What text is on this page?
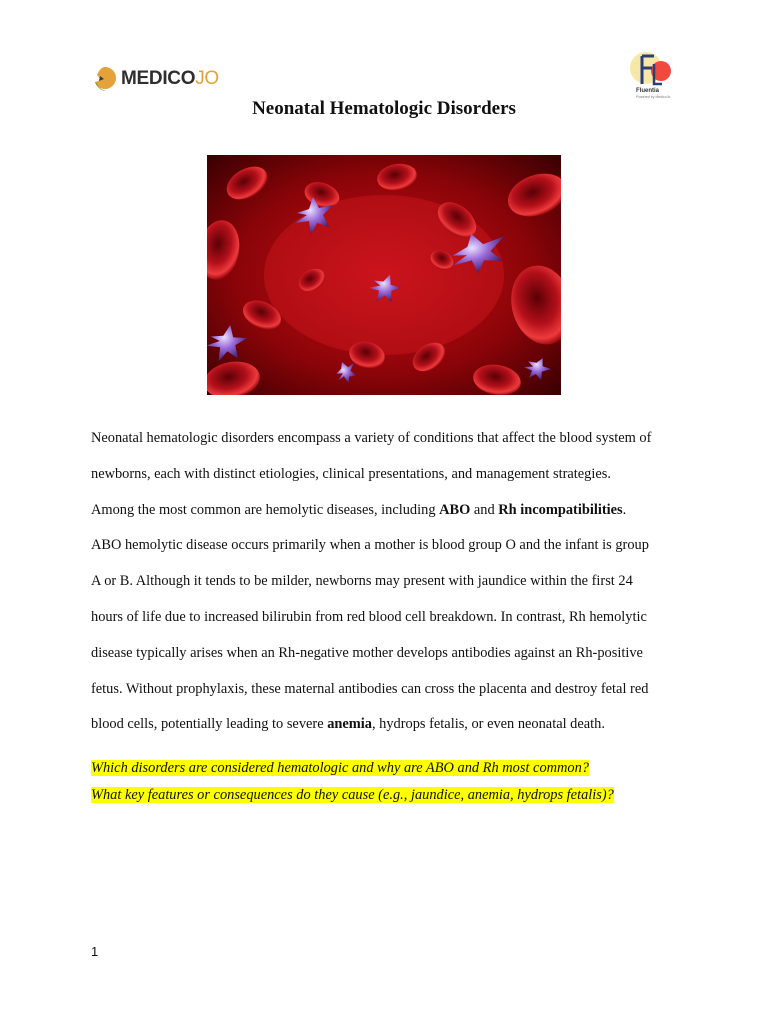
MEDICOJO
Fluentia
Powered by MedicoJo
Neonatal Hematologic Disorders
Neonatal hematologic disorders encompass a variety of conditions that affect the blood system of
newborns, each with distinct etiologies, clinical presentations, and management strategies.
Among the most common are hemolytic diseases, including ABO and Rh incompatibilities.
ABO hemolytic disease occurs primarily when a mother is blood group O and the infant is group
A or B. Although it tends to be milder, newborns may present with jaundice within the first 24
hours of life due to increased bilirubin from red blood cell breakdown. In contrast, Rh hemolytic
disease typically arises when an Rh-negative mother develops antibodies against an Rh-positive
fetus. Without prophylaxis, these maternal antibodies can cross the placenta and destroy fetal red
blood cells, potentially leading to severe anemia, hydrops fetalis, or even neonatal death.
Which disorders are considered hematologic and why are ABO and Rh most common?
What key features or consequences do they cause (e.g., jaundice, anemia, hydrops fetalis)?
1
